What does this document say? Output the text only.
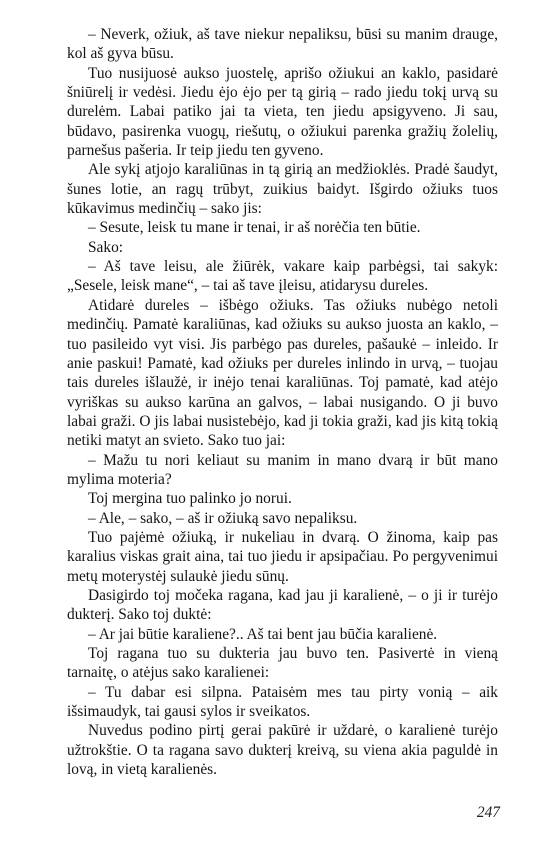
– Neverk, ožiuk, aš tave niekur nepaliksu, būsi su manim drauge, kol aš gyva būsu.

Tuo nusijuosė aukso juostelę, aprišo ožiukui an kaklo, pasidarė šniūrelį ir vedėsi. Jiedu ėjo ėjo per tą girią – rado jiedu tokį urvą su durelėm. Labai patiko jai ta vieta, ten jiedu apsigyveno. Ji sau, būdavo, pasirenka vuogų, riešutų, o ožiukui parenka gražių žolelių, parnešus pašeria. Ir teip jiedu ten gyveno.

Ale sykį atjojo karaliūnas in tą girią an medžioklės. Pradė šaudyt, šunes lotie, an ragų trūbyt, zuikius baidyt. Išgirdo ožiuks tuos kūkavimus medinčių – sako jis:

– Sesute, leisk tu mane ir tenai, ir aš norėčia ten būtie.

Sako:

– Aš tave leisu, ale žiūrėk, vakare kaip parbėgsi, tai sakyk: „Sesele, leisk mane“, – tai aš tave įleisu, atidarysu dureles.

Atidarė dureles – išbėgo ožiuks. Tas ožiuks nubėgo netoli medinčių. Pamatė karaliūnas, kad ožiuks su aukso juosta an kaklo, – tuo pasileido vyt visi. Jis parbėgo pas dureles, pašaukė – inleido. Ir anie paskui! Pamatė, kad ožiuks per dureles inlindo in urvą, – tuojau tais dureles išlaužė, ir inėjo tenai karaliūnas. Toj pamatė, kad atėjo vyriškas su aukso karūna an galvos, – labai nusigando. O ji buvo labai graži. O jis labai nusistebėjo, kad ji tokia graži, kad jis kitą tokią netiki matyt an svieto. Sako tuo jai:

– Mažu tu nori keliaut su manim in mano dvarą ir būt mano mylima moteria?

Toj mergina tuo palinko jo norui.

– Ale, – sako, – aš ir ožiuką savo nepaliksu.

Tuo pajėmė ožiuką, ir nukeliau in dvarą. O žinoma, kaip pas karalius viskas grait aina, tai tuo jiedu ir apsipačiau. Po pergyvenimui metų moterystėj sulaukė jiedu sūnų.

Dasigirdo toj močeka ragana, kad jau ji karalienė, – o ji ir turėjo dukterį. Sako toj duktė:

– Ar jai būtie karaliene?.. Aš tai bent jau būčia karalienė.

Toj ragana tuo su dukteria jau buvo ten. Pasivertė in vieną tarnaitę, o atėjus sako karalienei:

– Tu dabar esi silpna. Pataisėm mes tau pirty vonią – aik išsimaudyk, tai gausi sylos ir sveikatos.

Nuvedus podino pirtį gerai pakūrė ir uždarė, o karalienė turėjo užtrokštie. O ta ragana savo dukterį kreivą, su viena akia paguldė in lovą, in vietą karalienės.

247
